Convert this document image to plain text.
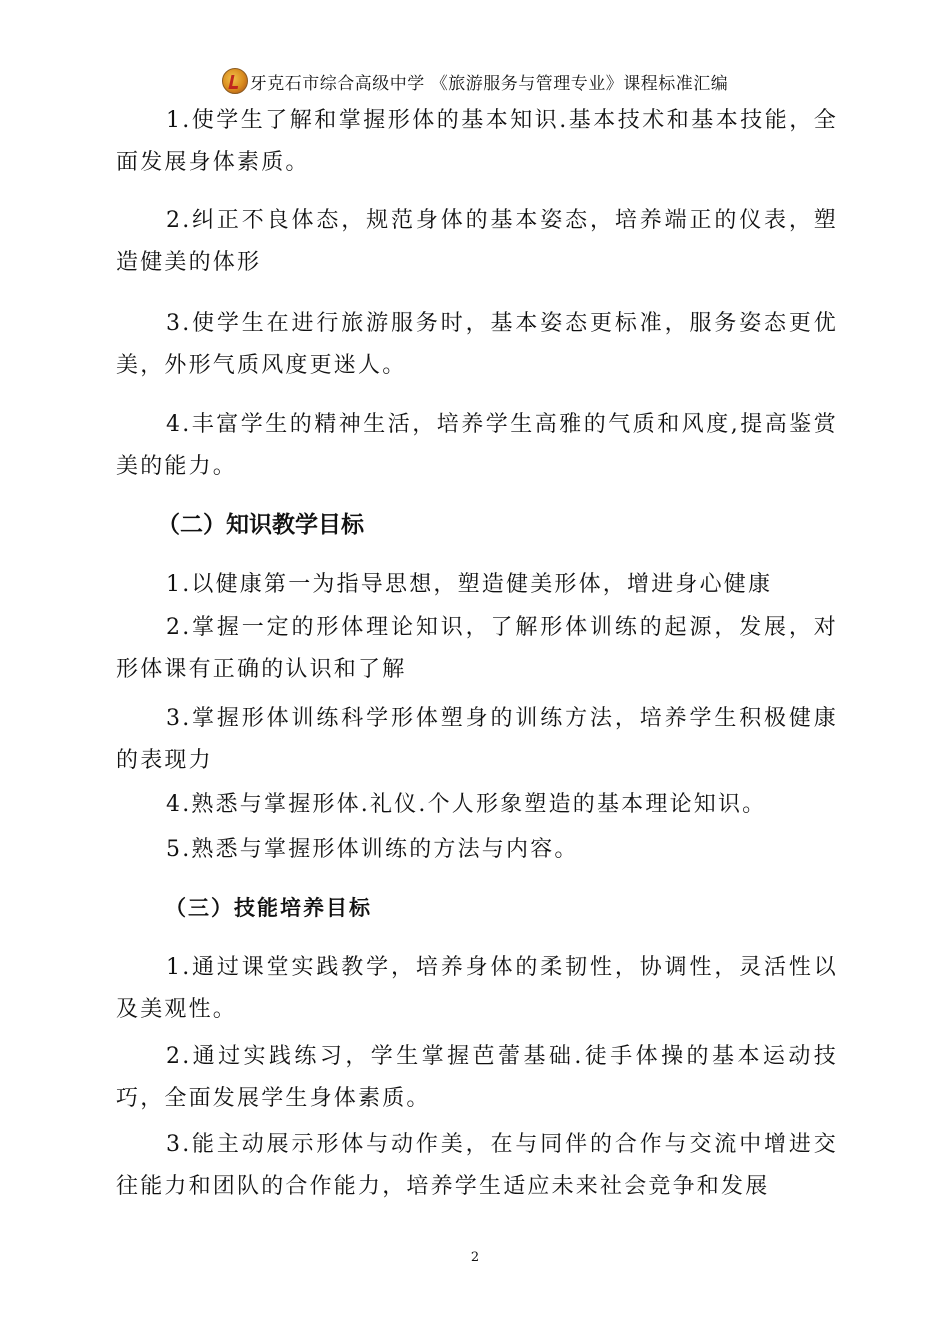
牙克石市综合高级中学 《旅游服务与管理专业》课程标准汇编

1.使学生了解和掌握形体的基本知识.基本技术和基本技能，全面发展身体素质。

2.纠正不良体态，规范身体的基本姿态，培养端正的仪表，塑造健美的体形

3.使学生在进行旅游服务时，基本姿态更标准，服务姿态更优美，外形气质风度更迷人。

4.丰富学生的精神生活，培养学生高雅的气质和风度,提高鉴赏美的能力。

（二）知识教学目标

1.以健康第一为指导思想，塑造健美形体，增进身心健康

2.掌握一定的形体理论知识，了解形体训练的起源，发展，对形体课有正确的认识和了解

3.掌握形体训练科学形体塑身的训练方法，培养学生积极健康的表现力

4.熟悉与掌握形体.礼仪.个人形象塑造的基本理论知识。

5.熟悉与掌握形体训练的方法与内容。

（三）技能培养目标

1.通过课堂实践教学，培养身体的柔韧性，协调性，灵活性以及美观性。

2.通过实践练习，学生掌握芭蕾基础.徒手体操的基本运动技巧，全面发展学生身体素质。

3.能主动展示形体与动作美，在与同伴的合作与交流中增进交往能力和团队的合作能力，培养学生适应未来社会竞争和发展

2
